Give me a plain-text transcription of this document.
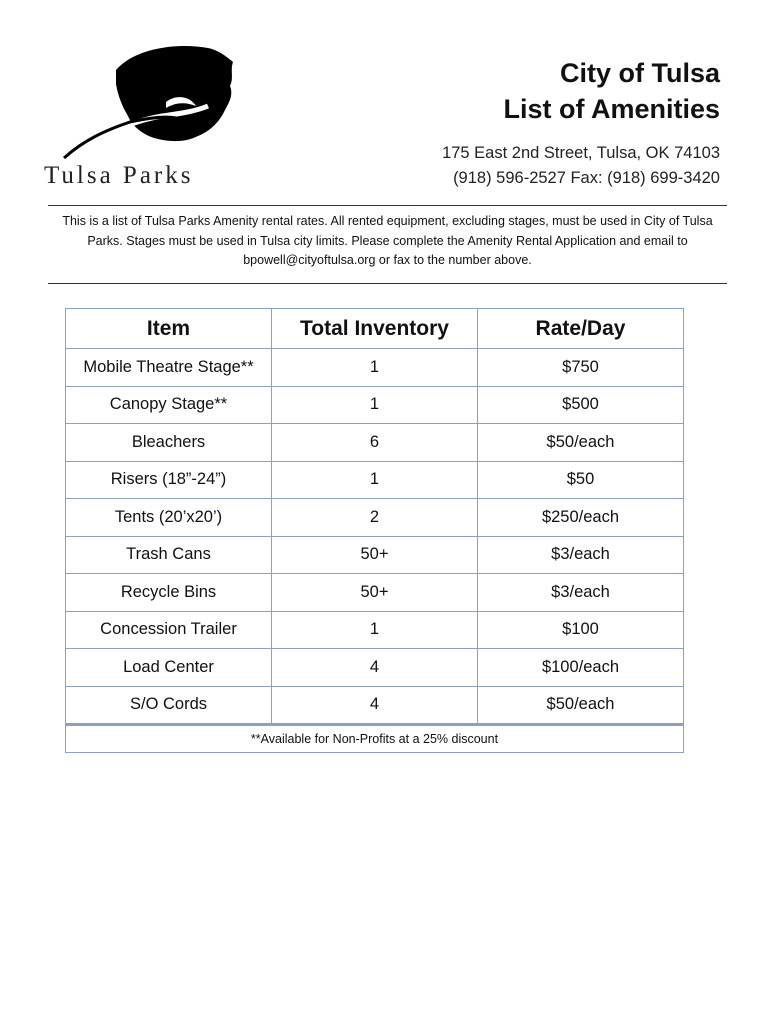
Tulsa Parks
City of Tulsa
List of Amenities
175 East 2nd Street, Tulsa, OK 74103
(918) 596-2527 Fax: (918) 699-3420
This is a list of Tulsa Parks Amenity rental rates. All rented equipment, excluding stages, must be used in City of Tulsa Parks. Stages must be used in Tulsa city limits. Please complete the Amenity Rental Application and email to bpowell@cityoftulsa.org or fax to the number above.
Item	Total Inventory	Rate/Day
Mobile Theatre Stage**	1	$750
Canopy Stage**	1	$500
Bleachers	6	$50/each
Risers (18”-24”)	1	$50
Tents (20’x20’)	2	$250/each
Trash Cans	50+	$3/each
Recycle Bins	50+	$3/each
Concession Trailer	1	$100
Load Center	4	$100/each
S/O Cords	4	$50/each
**Available for Non-Profits at a 25% discount		
